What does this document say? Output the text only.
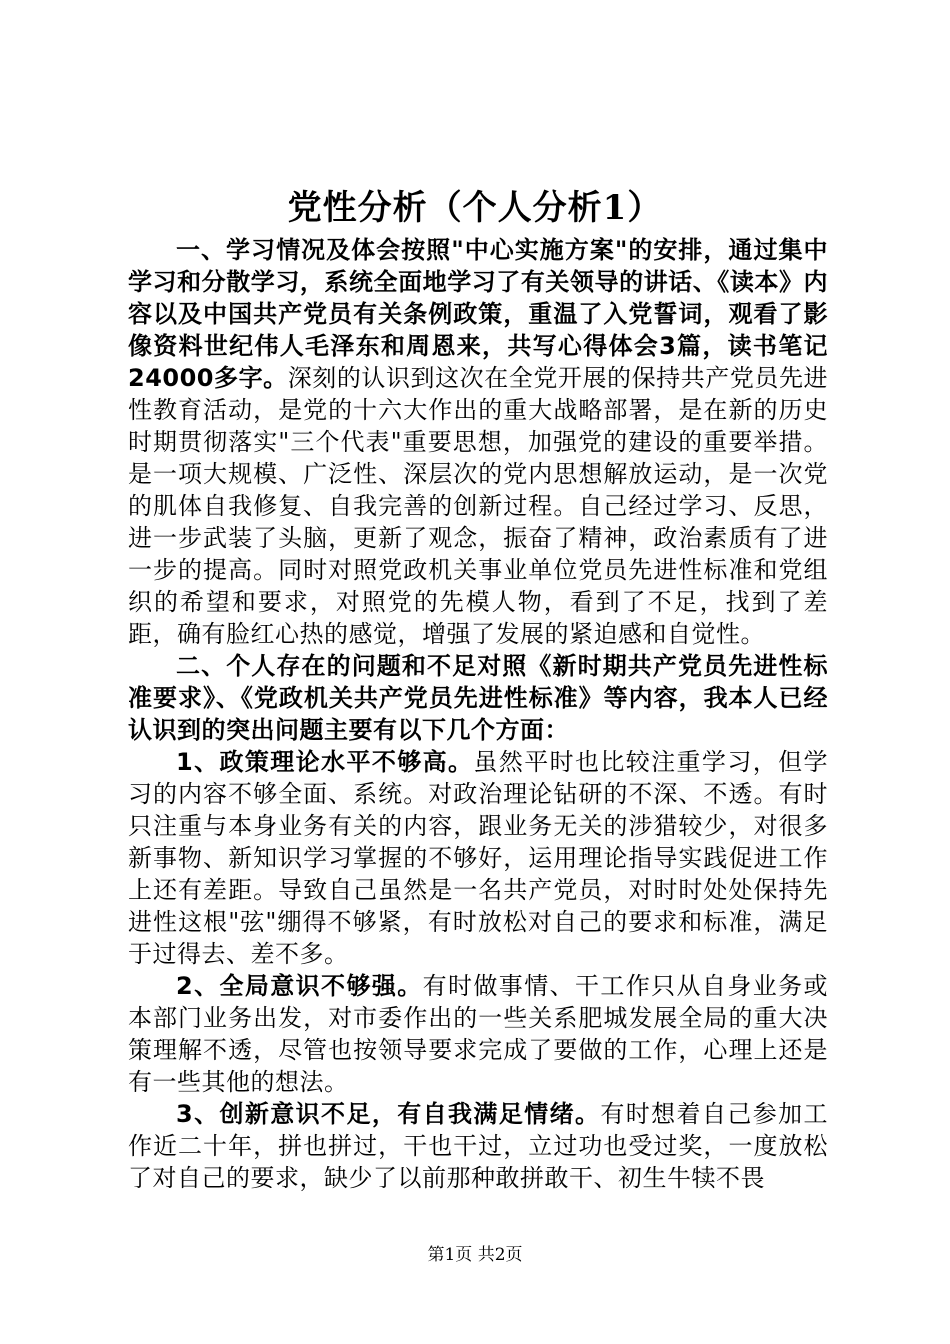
党性分析（个人分析1）

一、学习情况及体会按照"中心实施方案"的安排，通过集中学习和分散学习，系统全面地学习了有关领导的讲话、《读本》内容以及中国共产党员有关条例政策，重温了入党誓词，观看了影像资料世纪伟人毛泽东和周恩来，共写心得体会3篇，读书笔记24000多字。深刻的认识到这次在全党开展的保持共产党员先进性教育活动，是党的十六大作出的重大战略部署，是在新的历史时期贯彻落实"三个代表"重要思想，加强党的建设的重要举措。是一项大规模、广泛性、深层次的党内思想解放运动，是一次党的肌体自我修复、自我完善的创新过程。自己经过学习、反思，进一步武装了头脑，更新了观念，振奋了精神，政治素质有了进一步的提高。同时对照党政机关事业单位党员先进性标准和党组织的希望和要求，对照党的先模人物，看到了不足，找到了差距，确有脸红心热的感觉，增强了发展的紧迫感和自觉性。

二、个人存在的问题和不足对照《新时期共产党员先进性标准要求》、《党政机关共产党员先进性标准》等内容，我本人已经认识到的突出问题主要有以下几个方面：

1、政策理论水平不够高。虽然平时也比较注重学习，但学习的内容不够全面、系统。对政治理论钻研的不深、不透。有时只注重与本身业务有关的内容，跟业务无关的涉猎较少，对很多新事物、新知识学习掌握的不够好，运用理论指导实践促进工作上还有差距。导致自己虽然是一名共产党员，对时时处处保持先进性这根"弦"绷得不够紧，有时放松对自己的要求和标准，满足于过得去、差不多。

2、全局意识不够强。有时做事情、干工作只从自身业务或本部门业务出发，对市委作出的一些关系肥城发展全局的重大决策理解不透，尽管也按领导要求完成了要做的工作，心理上还是有一些其他的想法。

3、创新意识不足，有自我满足情绪。有时想着自己参加工作近二十年，拼也拼过，干也干过，立过功也受过奖，一度放松了对自己的要求，缺少了以前那种敢拼敢干、初生牛犊不畏

第1页 共2页
